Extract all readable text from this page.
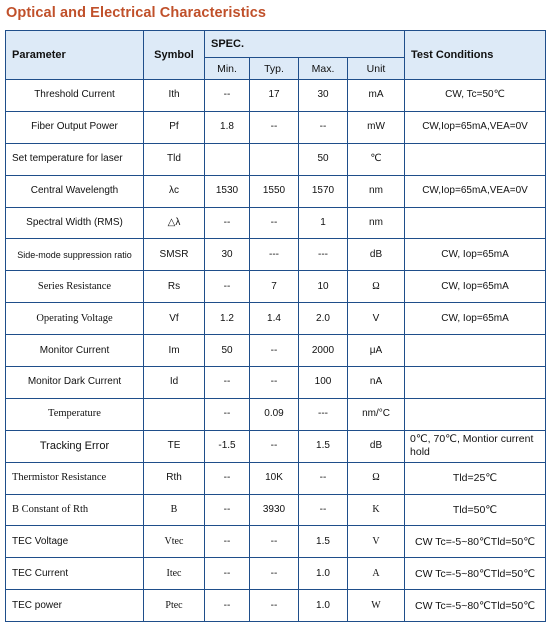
Optical and Electrical Characteristics
Parameter	Symbol	SPEC.				Test Conditions
		Min.	Typ.	Max.	Unit	
Threshold Current	Ith	--	17	30	mA	CW, Tc=50℃
Fiber Output Power	Pf	1.8	--	--	mW	CW,Iop=65mA,VEA=0V
Set temperature for laser	Tld			50	℃	
Central Wavelength	λc	1530	1550	1570	nm	CW,Iop=65mA,VEA=0V
Spectral Width (RMS)	△λ	--	--	1	nm	
Side-mode suppression ratio	SMSR	30	---	---	dB	CW, Iop=65mA
Series Resistance	Rs	--	7	10	Ω	CW, Iop=65mA
Operating Voltage	Vf	1.2	1.4	2.0	V	CW, Iop=65mA
Monitor Current	Im	50	--	2000	μA	
Monitor Dark Current	Id	--	--	100	nA	
Temperature		--	0.09	---	nm/°C	
Tracking Error	TE	-1.5	--	1.5	dB	0℃, 70℃, Montior current hold
Thermistor Resistance	Rth	--	10K	--	Ω	Tld=25℃
B Constant of Rth	B	--	3930	--	K	Tld=50℃
TEC Voltage	Vtec	--	--	1.5	V	CW Tc=-5~80℃Tld=50℃
TEC Current	Itec	--	--	1.0	A	CW Tc=-5~80℃Tld=50℃
TEC power	Ptec	--	--	1.0	W	CW Tc=-5~80℃Tld=50℃
